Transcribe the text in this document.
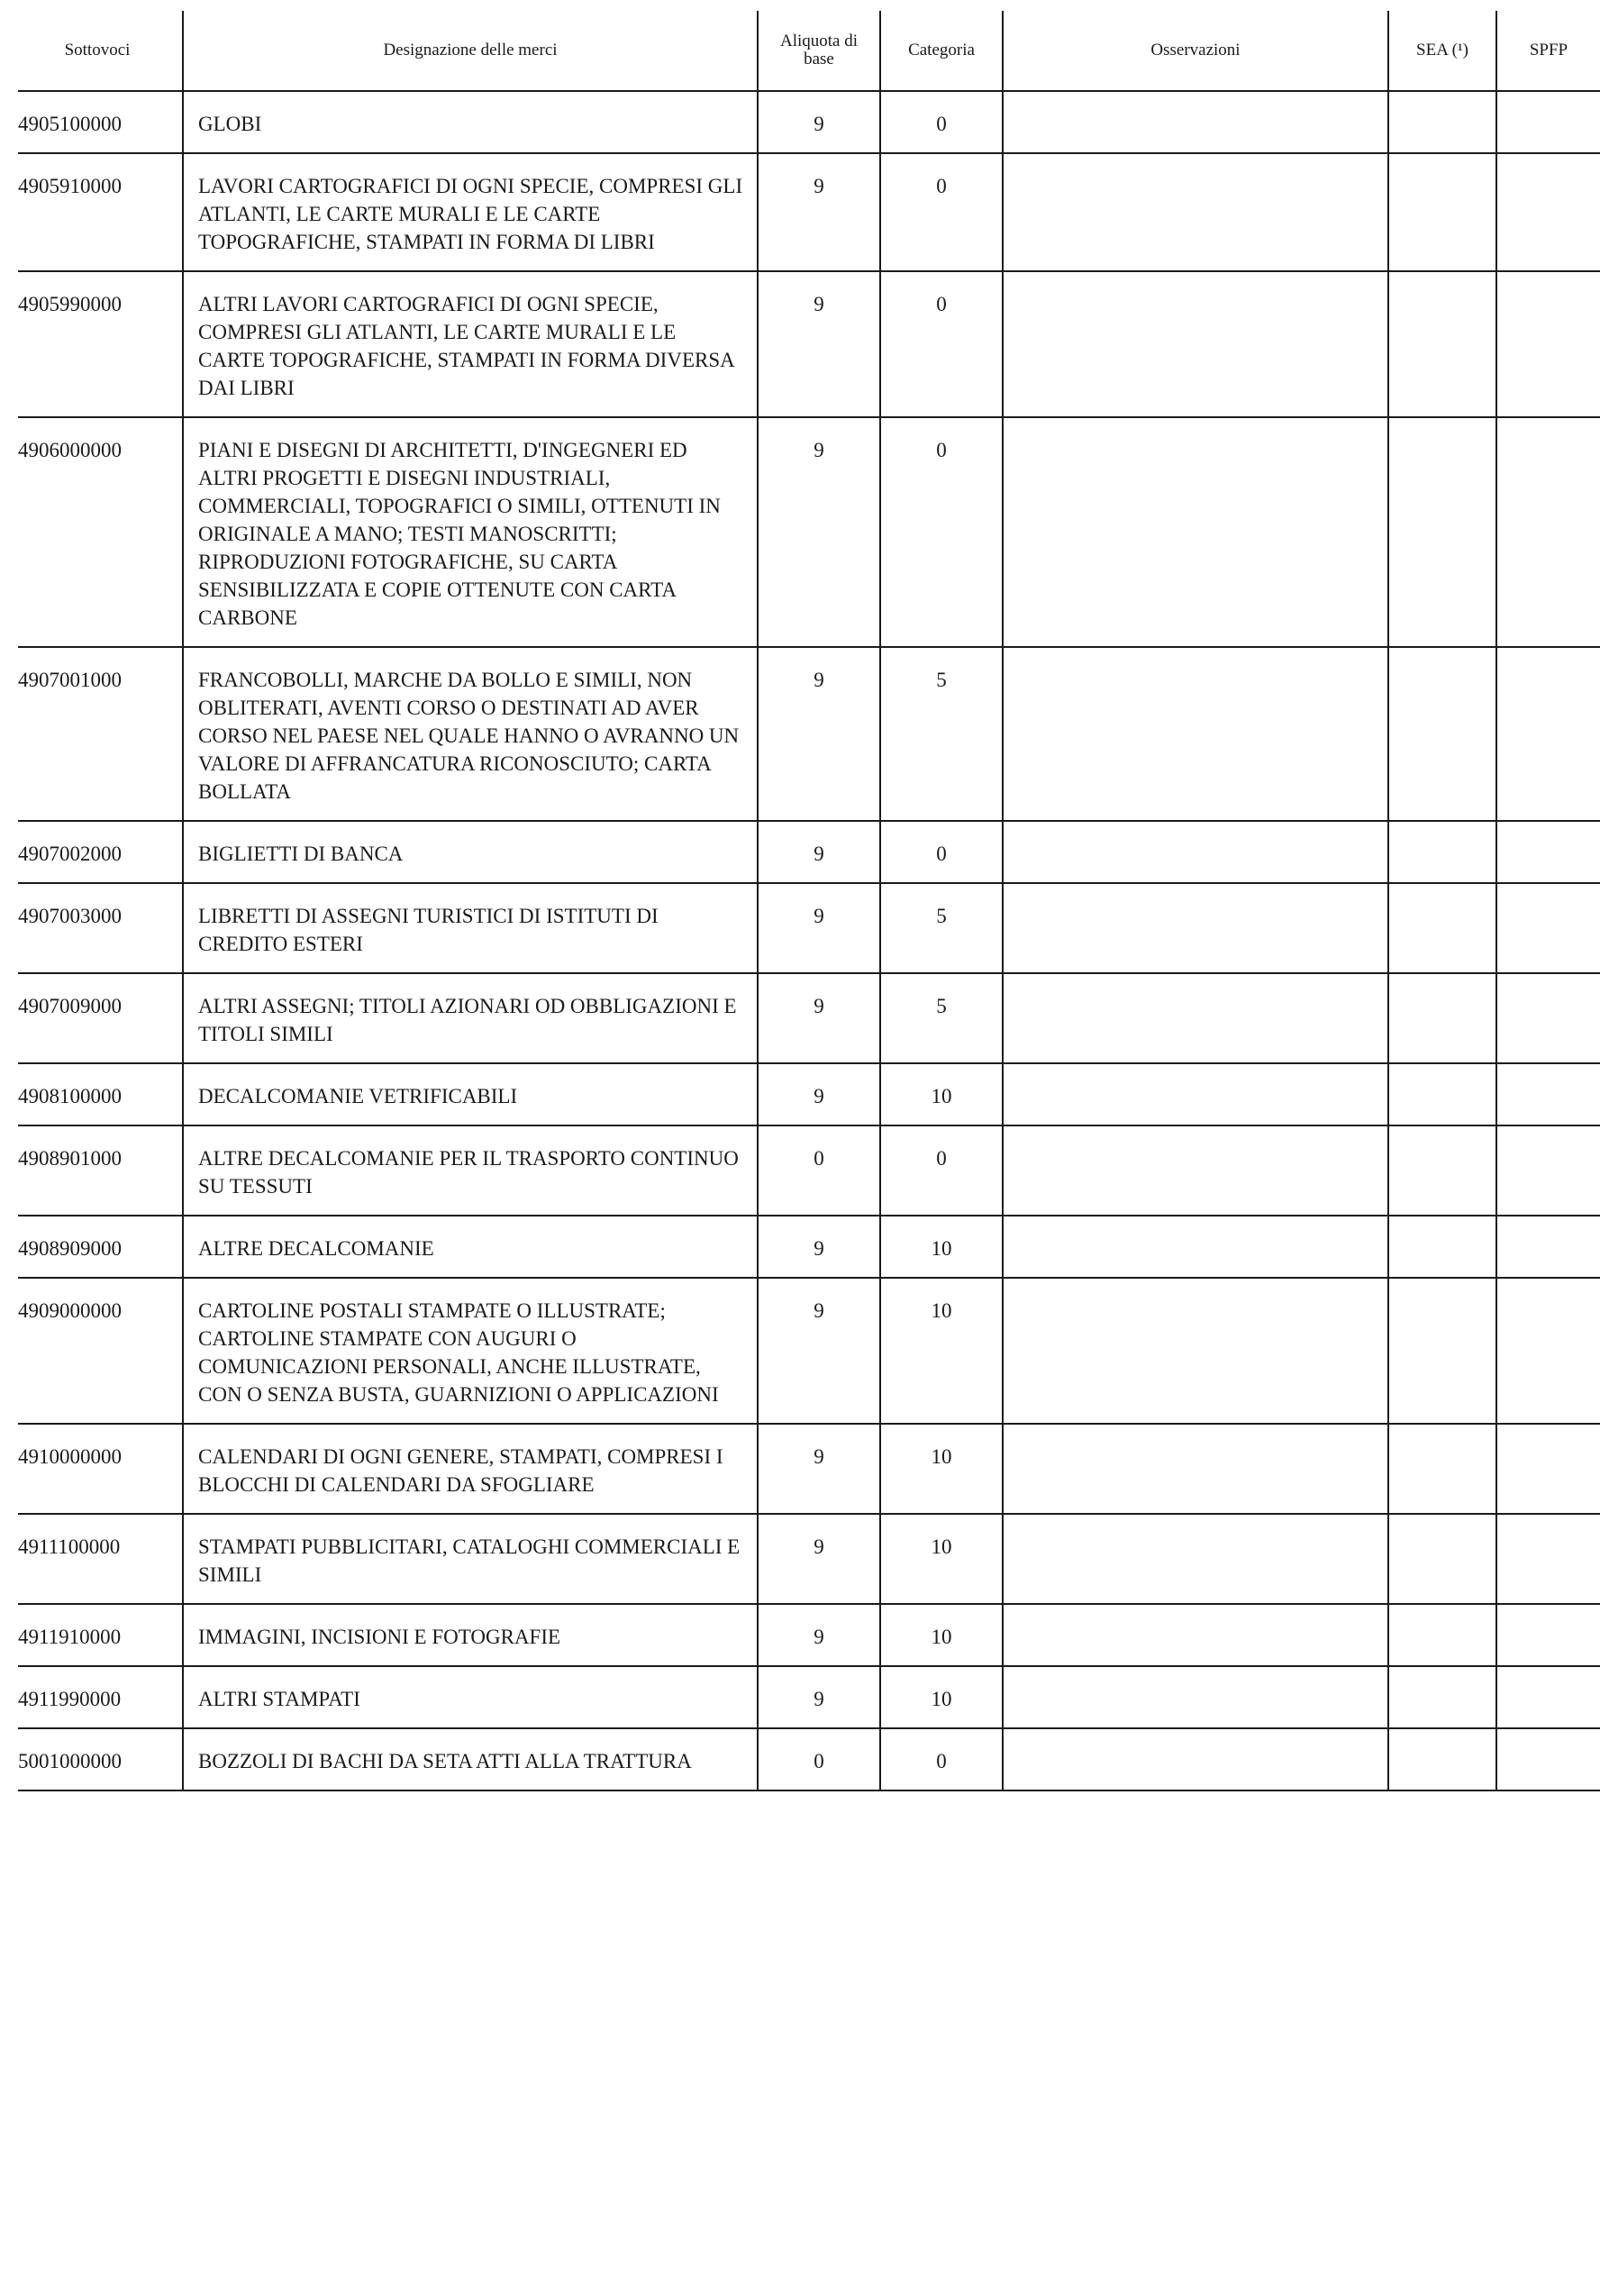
Sottovoci	Designazione delle merci	Aliquota di base	Categoria	Osservazioni	SEA (¹)	SPFP
4905100000	GLOBI	9	0			
4905910000	LAVORI CARTOGRAFICI DI OGNI SPECIE, COMPRESI GLI ATLANTI, LE CARTE MURALI E LE CARTE TOPOGRAFICHE, STAMPATI IN FORMA DI LIBRI	9	0			
4905990000	ALTRI LAVORI CARTOGRAFICI DI OGNI SPECIE, COMPRESI GLI ATLANTI, LE CARTE MURALI E LE CARTE TOPOGRAFICHE, STAMPATI IN FORMA DIVERSA DAI LIBRI	9	0			
4906000000	PIANI E DISEGNI DI ARCHITETTI, D'INGEGNERI ED ALTRI PROGETTI E DISEGNI INDUSTRIALI, COMMERCIALI, TOPOGRAFICI O SIMILI, OTTENUTI IN ORIGINALE A MANO; TESTI MANOSCRITTI; RIPRODUZIONI FOTOGRAFICHE, SU CARTA SENSIBILIZZATA E COPIE OTTENUTE CON CARTA CARBONE	9	0			
4907001000	FRANCOBOLLI, MARCHE DA BOLLO E SIMILI, NON OBLITERATI, AVENTI CORSO O DESTINATI AD AVER CORSO NEL PAESE NEL QUALE HANNO O AVRANNO UN VALORE DI AFFRANCATURA RICONOSCIUTO; CARTA BOLLATA	9	5			
4907002000	BIGLIETTI DI BANCA	9	0			
4907003000	LIBRETTI DI ASSEGNI TURISTICI DI ISTITUTI DI CREDITO ESTERI	9	5			
4907009000	ALTRI ASSEGNI; TITOLI AZIONARI OD OBBLIGAZIONI E TITOLI SIMILI	9	5			
4908100000	DECALCOMANIE VETRIFICABILI	9	10			
4908901000	ALTRE DECALCOMANIE PER IL TRASPORTO CONTINUO SU TESSUTI	0	0			
4908909000	ALTRE DECALCOMANIE	9	10			
4909000000	CARTOLINE POSTALI STAMPATE O ILLUSTRATE; CARTOLINE STAMPATE CON AUGURI O COMUNICAZIONI PERSONALI, ANCHE ILLUSTRATE, CON O SENZA BUSTA, GUARNIZIONI O APPLICAZIONI	9	10			
4910000000	CALENDARI DI OGNI GENERE, STAMPATI, COMPRESI I BLOCCHI DI CALENDARI DA SFOGLIARE	9	10			
4911100000	STAMPATI PUBBLICITARI, CATALOGHI COMMERCIALI E SIMILI	9	10			
4911910000	IMMAGINI, INCISIONI E FOTOGRAFIE	9	10			
4911990000	ALTRI STAMPATI	9	10			
5001000000	BOZZOLI DI BACHI DA SETA ATTI ALLA TRATTURA	0	0			
